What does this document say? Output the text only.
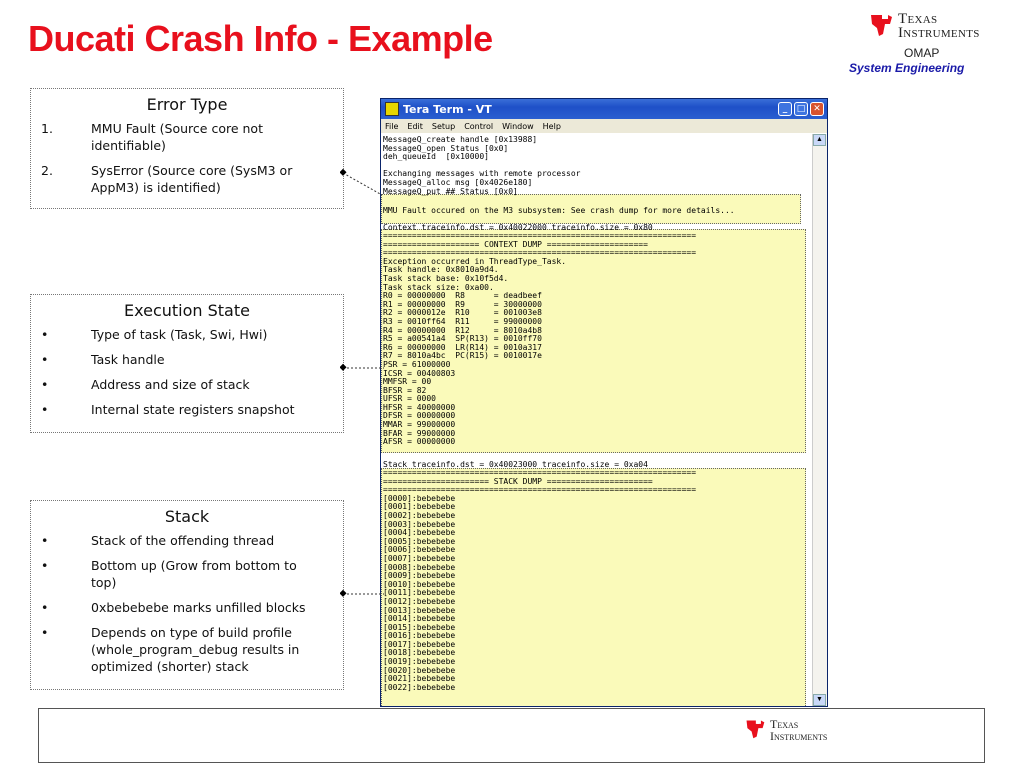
Ducati Crash Info - Example	Texas
Instruments
OMAP
System Engineering
Error Type
1.	MMU Fault (Source core not identifiable)
2.	SysError (Source core (SysM3 or AppM3) is identified)
Execution State
•	Type of task (Task, Swi, Hwi)
•	Task handle
•	Address and size of stack
•	Internal state registers snapshot
Stack
•	Stack of the offending thread
•	Bottom up (Grow from bottom to top)
•	0xbebebebe marks unfilled blocks
•	Depends on type of build profile (whole_program_debug results in optimized (shorter) stack
Tera Term - VT	_	□ ✕
File Edit Setup Control Window Help
MessageQ_create handle [0x13988]
MessageQ_open Status [0x0]
deh_queueId  [0x10000]

Exchanging messages with remote processor
MessageQ_alloc msg [0x4026e180]
MessageQ_put ## Status [0x0]
MMU Fault occured on the M3 subsystem: See crash dump for more details...
Context traceinfo.dst = 0x40022000 traceinfo.size = 0x80
=================================================================
==================== CONTEXT DUMP =====================
=================================================================
Exception occurred in ThreadType_Task.
Task handle: 0x8010a9d4.
Task stack base: 0x10f5d4.
Task stack size: 0xa00.
R0 = 00000000  R8      = deadbeef
R1 = 00000000  R9      = 30000000
R2 = 0000012e  R10     = 001003e8
R3 = 0010ff64  R11     = 99000000
R4 = 00000000  R12     = 8010a4b8
R5 = a00541a4  SP(R13) = 0010ff70
R6 = 00000000  LR(R14) = 0010a317
R7 = 8010a4bc  PC(R15) = 0010017e
PSR = 61000000
ICSR = 00400803
MMFSR = 00
BFSR = 82
UFSR = 0000
HFSR = 40000000
DFSR = 00000000
MMAR = 99000000
BFAR = 99000000
AFSR = 00000000
Stack traceinfo.dst = 0x40023000 traceinfo.size = 0xa04
=================================================================
====================== STACK DUMP ======================
=================================================================
[0000]:bebebebe
[0001]:bebebebe
[0002]:bebebebe
[0003]:bebebebe
[0004]:bebebebe
[0005]:bebebebe
[0006]:bebebebe
[0007]:bebebebe
[0008]:bebebebe
[0009]:bebebebe
[0010]:bebebebe
[0011]:bebebebe
[0012]:bebebebe
[0013]:bebebebe
[0014]:bebebebe
[0015]:bebebebe
[0016]:bebebebe
[0017]:bebebebe
[0018]:bebebebe
[0019]:bebebebe
[0020]:bebebebe
[0021]:bebebebe
[0022]:bebebebe
▲
▼
Texas
Instruments
